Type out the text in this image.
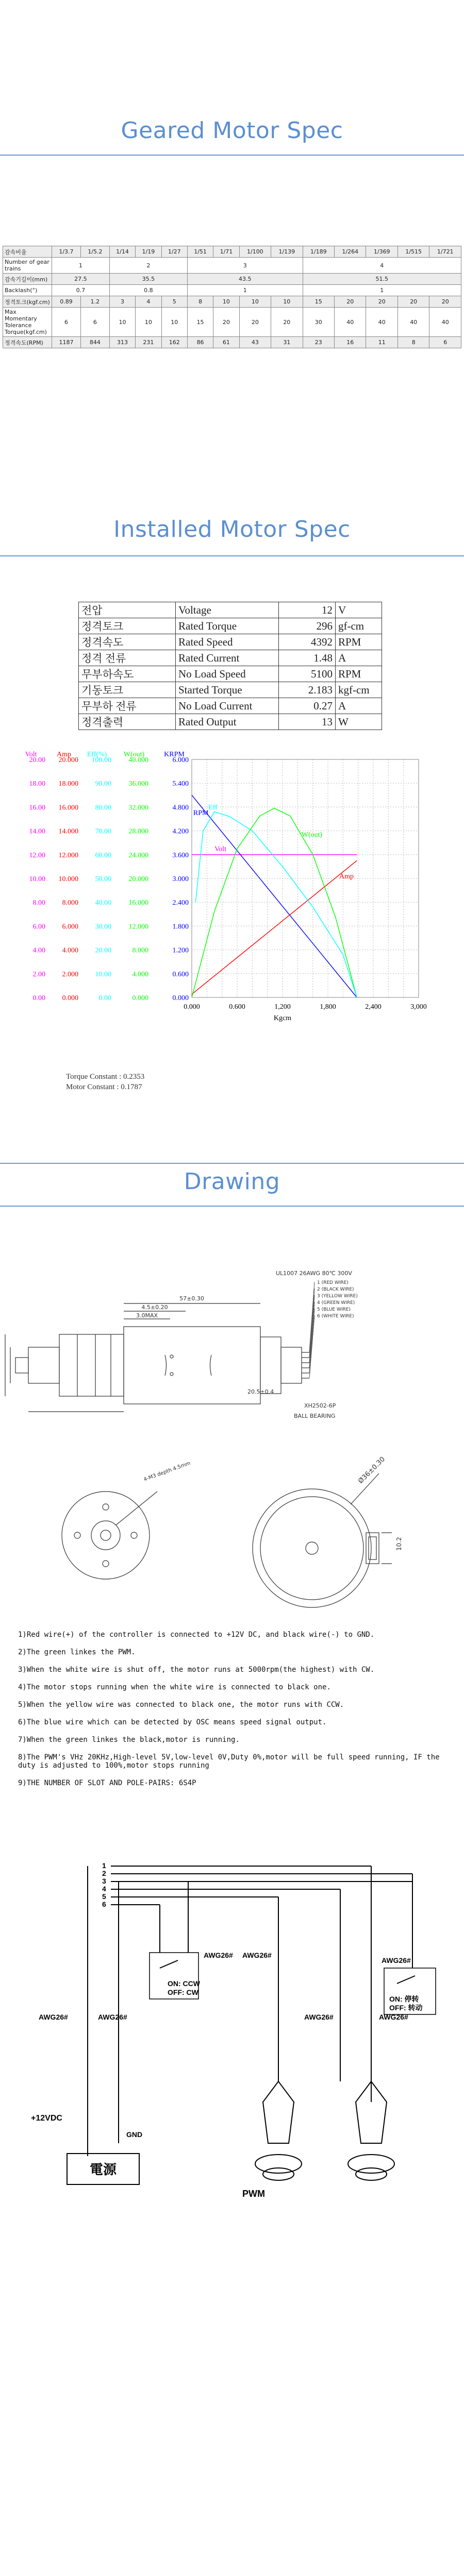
Geared Motor Spec
감속비율	1/3.7	1/5.2	1/14	1/19	1/27	1/51	1/71	1/100	1/139	1/189	1/264	1/369	1/515	1/721
Number of gear trains	1		2			3				4				
감속기길이(mm)	27.5		35.5			43.5				51.5				
Backlash(°)	0.7		0.8			1				1				
정격토크(kgf.cm)	0.89	1.2	3	4	5	8	10	10	10	15	20	20	20	20
Max Momentary Tolerance Torque(kgf.cm)	6	6	10	10	10	15	20	20	20	30	40	40	40	40
정격속도(RPM)	1187	844	313	231	162	86	61	43	31	23	16	11	8	6
Installed Motor Spec
전압	Voltage	12	V
정격토크	Rated Torque	296	gf-cm
정격속도	Rated Speed	4392	RPM
정격 전류	Rated Current	1.48	A
무부하속도	No Load Speed	5100	RPM
기동토크	Started Torque	2.183	kgf-cm
무부하 전류	No Load Current	0.27	A
정격출력	Rated Output	13	W
Volt
0.00
2.00
4.00
6.00
8.00
10.00
12.00
14.00
16.00
18.00
20.00
Amp
0.000
2.000
4.000
6.000
8.000
10.000
12.000
14.000
16.000
18.000
20.000
Eff(%)
0.00
10.00
20.00
30.00
40.00
50.00
60.00
70.00
80.00
90.00
100.00
W(out)
0.000
4.000
8.000
12.000
16.000
20.000
24.000
28.000
32.000
36.000
40.000
KRPM
0.000
0.600
1.200
1.800
2.400
3.000
3.600
4.200
4.800
5.400
6.000
0.000	0.600	1,200	1,800	2,400	3,000
Kgcm
RPM
Volt
W(out)
Amp
Eff
Torque Constant : 0.2353
Motor Constant : 0.1787
Drawing
57±0.30
4.5±0.20
3.0MAX
UL1007 26AWG 80℃ 300V
XH2502-6P
BALL BEARING
20.5±0.4
1 (RED WIRE)
2 (BLACK WIRE)
3 (YELLOW WIRE)
4 (GREEN WIRE)
5 (BLUE WIRE)
6 (WHITE WIRE)
4-M3 depth 4.5mm	Ø36±0.30
10.2
1)Red wire(+) of the controller is connected to +12V DC, and black wire(-) to GND.
2)The green linkes the PWM.
3)When the white wire is shut off, the motor runs at 5000rpm(the highest) with CW.
4)The motor stops running when the white wire is connected to black one.
5)When the yellow wire was connected to black one, the motor runs with CCW.
6)The blue wire which can be detected by OSC means speed signal output.
7)When the green linkes the black,motor is running.
8)The PWM's VHz 20KHz,High-level 5V,low-level 0V,Duty 0%,motor will be full speed running, IF the duty is adjusted to 100%,motor stops running
9)THE NUMBER OF SLOT AND POLE-PAIRS: 6S4P
1
2
3
4
5
6
AWG26# AWG26#
AWG26#	AWG26#	AWG26#
AWG26#
AWG26#
ON: CCW
OFF: CW
ON: 停转
OFF: 转动
+12VDC
GND
PWM
電源
